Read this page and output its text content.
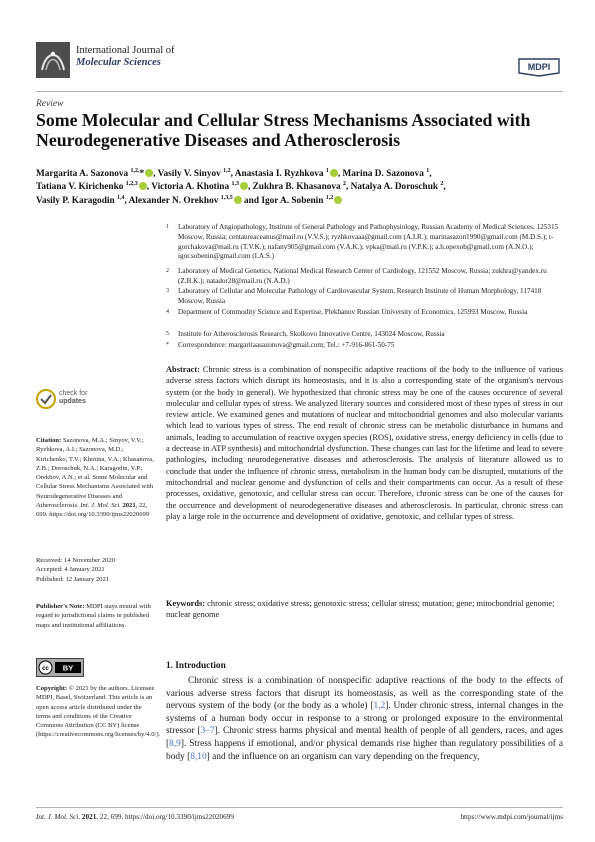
International Journal of
Molecular Sciences	MDPI
Review
Some Molecular and Cellular Stress Mechanisms Associated with Neurodegenerative Diseases and Atherosclerosis
Margarita A. Sazonova $^{1,2,}$* , Vasily V. Sinyov $^{1,2}$, Anastasia I. Ryzhkova $^1$ , Marina D. Sazonova $^1$,
Tatiana V. Kirichenko $^{1,2,3}$ , Victoria A. Khotina $^{1,3}$ , Zukhra B. Khasanova $^2$, Natalya A. Doroschuk $^2$,
Vasily P. Karagodin $^{1,4}$, Alexander N. Orekhov $^{1,3,5}$ and Igor A. Sobenin $^{1,2}$
1	Laboratory of Angiopathology, Institute of General Pathology and Pathophysiology, Russian Academy of Medical Sciences, 125315 Moscow, Russia; centaureaceanus@mail.ru (V.V.S.); ryzhkovaaa@gmail.com (A.I.R.); marinasazon1990@gmail.com (M.D.S.); t-gorchakova@mail.ru (T.V.K.); nafany905@gmail.com (V.A.K.); vpka@mail.ru (V.P.K.); a.h.opexob@gmail.com (A.N.O.); igor.sobenin@gmail.com (I.A.S.)
2	Laboratory of Medical Genetics, National Medical Research Center of Cardiology, 121552 Moscow, Russia; zukhra@yandex.ru (Z.B.K.); natador28@mail.ru (N.A.D.)
3	Laboratory of Cellular and Molecular Pathology of Cardiovascular System, Research Institute of Human Morphology, 117418 Moscow, Russia
4	Department of Commodity Science and Expertise, Plekhanov Russian University of Economics, 125993 Moscow, Russia
5	Institute for Atherosclerosis Research, Skolkovo Innovative Centre, 143024 Moscow, Russia
*	Correspondence: margaritaasazonova@gmail.com; Tel.: +7-916-861-50-75
Abstract: Chronic stress is a combination of nonspecific adaptive reactions of the body to the influence of various adverse stress factors which disrupt its homeostasis, and it is also a corresponding state of the organism's nervous system (or the body in general). We hypothesized that chronic stress may be one of the causes occurence of several molecular and cellular types of stress. We analyzed literary sources and considered most of these types of stress in our review article. We examined genes and mutations of nuclear and mitochondrial genomes and also molecular variants which lead to various types of stress. The end result of chronic stress can be metabolic disturbance in humans and animals, leading to accumulation of reactive oxygen species (ROS), oxidative stress, energy deficiency in cells (due to a decrease in ATP synthesis) and mitochondrial dysfunction. These changes can last for the lifetime and lead to severe pathologies, including neurodegenerative diseases and atherosclerosis. The analysis of literature allowed us to conclude that under the influence of chronic stress, metabolism in the human body can be disrupted, mutations of the mitochondrial and nuclear genome and dysfunction of cells and their compartments can occur. As a result of these processes, oxidative, genotoxic, and cellular stress can occur. Therefore, chronic stress can be one of the causes for the occurrence and development of neurodegenerative diseases and atherosclerosis. In particular, chronic stress can play a large role in the occurrence and development of oxidative, genotoxic, and cellular types of stress.
Keywords: chronic stress; oxidative stress; genotoxic stress; cellular stress; mutation; gene; mitochondrial genome; nuclear genome
check for
updates
Citation: Sazonova, M.A.; Sinyov, V.V.; Ryzhkova, A.I.; Sazonova, M.D.; Kirichenko, T.V.; Khotina, V.A.; Khasanova, Z.B.; Doroschuk, N.A.; Karagodin, V.P.; Orekhov, A.N.; et al. Some Molecular and Cellular Stress Mechanisms Associated with Neurodegenerative Diseases and Atherosclerosis. Int. J. Mol. Sci. 2021, 22, 699. https://doi.org/10.3390/ijms22020699
Received: 14 November 2020
Accepted: 4 January 2021
Published: 12 January 2021
Publisher's Note: MDPI stays neutral with regard to jurisdictional claims in published maps and institutional affiliations.
cc BY
Copyright: © 2021 by the authors. Licensee MDPI, Basel, Switzerland. This article is an open access article distributed under the terms and conditions of the Creative Commons Attribution (CC BY) license (https://creativecommons.org/licenses/by/4.0/).
1. Introduction
Chronic stress is a combination of nonspecific adaptive reactions of the body to the effects of various adverse stress factors that disrupt its homeostasis, as well as the corresponding state of the nervous system of the body (or the body as a whole) [1,2]. Under chronic stress, internal changes in the systems of a human body occur in response to a strong or prolonged exposure to the environmental stressor [3–7]. Chronic stress harms physical and mental health of people of all genders, races, and ages [8,9]. Stress happens if emotional, and/or physical demands rise higher than regulatory possibilities of a body [8,10] and the influence on an organism can vary depending on the frequency,
Int. J. Mol. Sci. 2021, 22, 699. https://doi.org/10.3390/ijms22020699	https://www.mdpi.com/journal/ijms
